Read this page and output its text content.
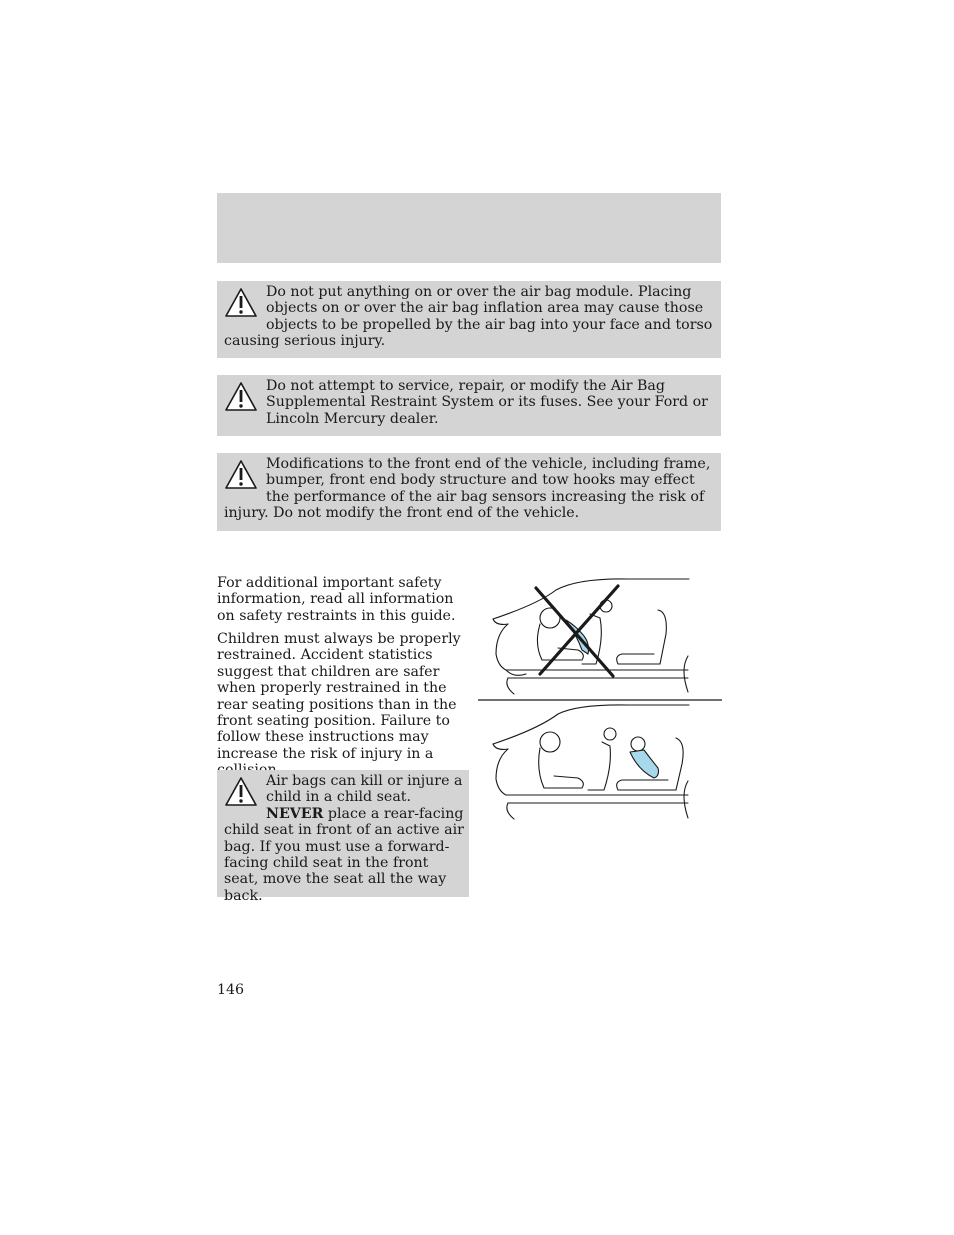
Do not put anything on or over the air bag module. Placing objects on or over the air bag inflation area may cause those objects to be propelled by the air bag into your face and torso causing serious injury.

Do not attempt to service, repair, or modify the Air Bag Supplemental Restraint System or its fuses. See your Ford or Lincoln Mercury dealer.

Modifications to the front end of the vehicle, including frame, bumper, front end body structure and tow hooks may effect the performance of the air bag sensors increasing the risk of injury. Do not modify the front end of the vehicle.

For additional important safety information, read all information on safety restraints in this guide.

Children must always be properly restrained. Accident statistics suggest that children are safer when properly restrained in the rear seating positions than in the front seating position. Failure to follow these instructions may increase the risk of injury in a

Air bags can kill or injure a child in a child seat. NEVER place a rear-facing child seat in front of an active air bag. If you must use a forward-facing child seat in the front seat, move the seat all the way back.

146
